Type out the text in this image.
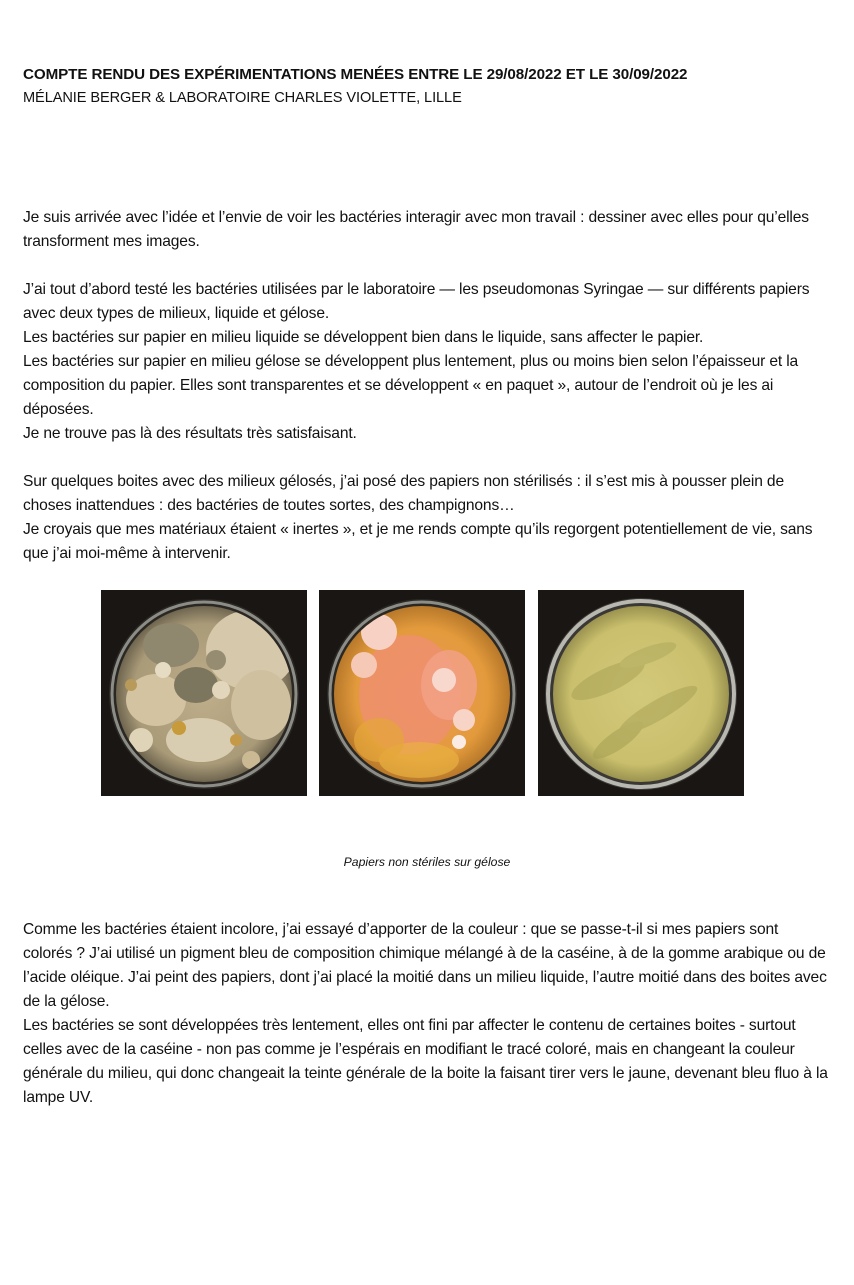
COMPTE RENDU DES EXPÉRIMENTATIONS MENÉES ENTRE LE 29/08/2022 ET LE 30/09/2022
MÉLANIE BERGER & LABORATOIRE CHARLES VIOLETTE, LILLE

Je suis arrivée avec l’idée et l’envie de voir les bactéries interagir avec mon travail : dessiner avec elles pour qu’elles transforment mes images.

J’ai tout d’abord testé les bactéries utilisées par le laboratoire — les pseudomonas Syringae — sur différents papiers avec deux types de milieux, liquide et gélose.

Les bactéries sur papier en milieu liquide se développent bien dans le liquide, sans affecter le papier.

Les bactéries sur papier en milieu gélose se développent plus lentement, plus ou moins bien selon l’épaisseur et la composition du papier. Elles sont transparentes et se développent « en paquet », autour de l’endroit où je les ai déposées.

Je ne trouve pas là des résultats très satisfaisant.

Sur quelques boites avec des milieux gélosés, j’ai posé des papiers non stérilisés : il s’est mis à pousser plein de choses inattendues : des bactéries de toutes sortes, des champignons…

Je croyais que mes matériaux étaient « inertes », et je me rends compte qu’ils regorgent potentiellement de vie, sans que j’ai moi-même à intervenir.

Papiers non stériles sur gélose

Comme les bactéries étaient incolore, j’ai essayé d’apporter de la couleur : que se passe-t-il si mes papiers sont colorés ? J’ai utilisé un pigment bleu de composition chimique mélangé à de la caséine, à de la gomme arabique ou de l’acide oléique. J’ai peint des papiers, dont j’ai placé la moitié dans un milieu liquide, l’autre moitié dans des boites avec de la gélose.

Les bactéries se sont développées très lentement, elles ont fini par affecter le contenu de certaines boites - surtout celles avec de la caséine - non pas comme je l’espérais en modifiant le tracé coloré, mais en changeant la couleur générale du milieu, qui donc changeait la teinte générale de la boite la faisant tirer vers le jaune, devenant bleu fluo à la lampe UV.
